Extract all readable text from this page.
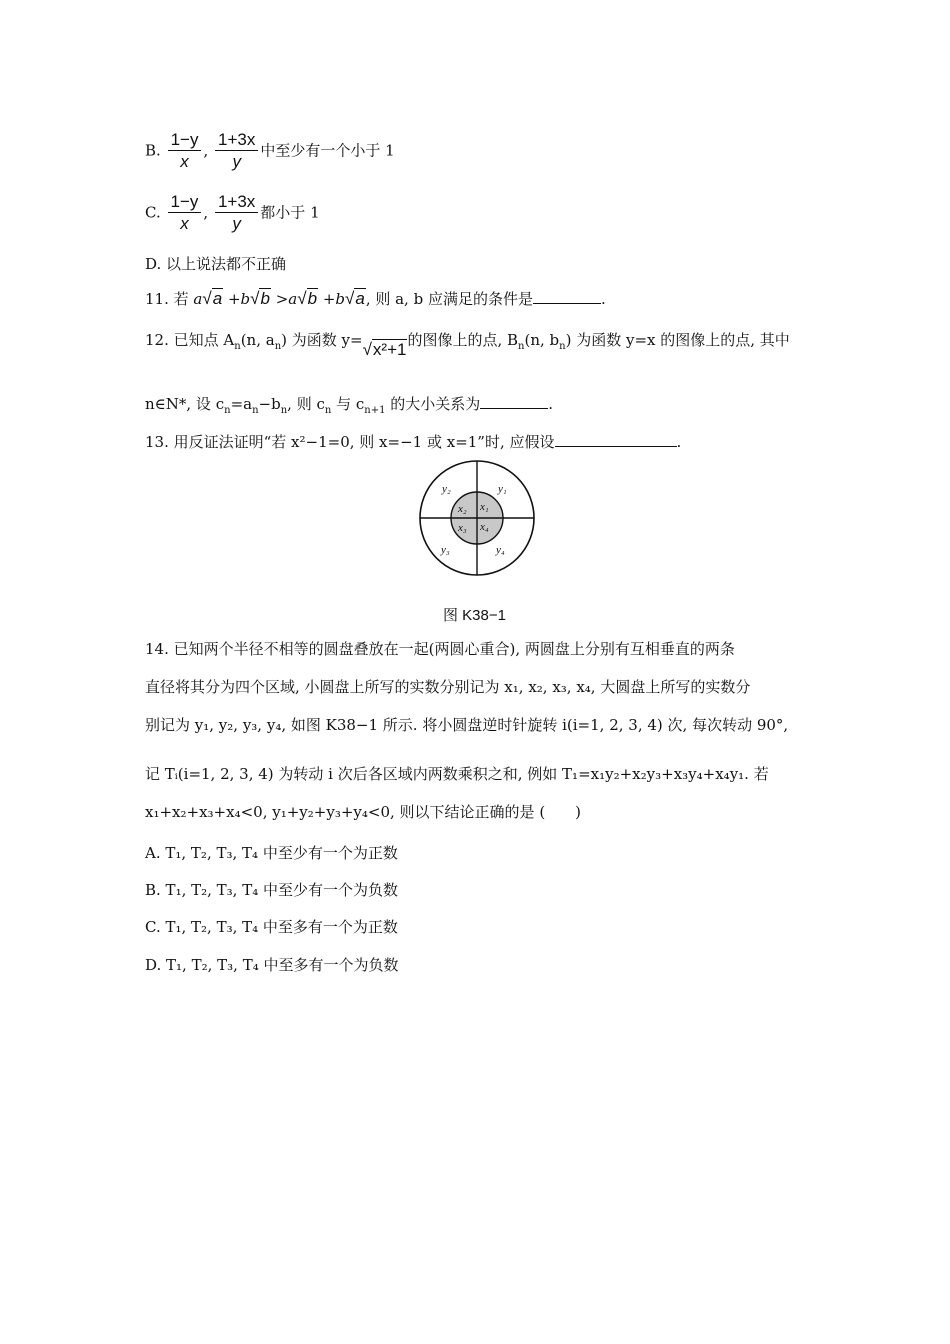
B. $\frac{1-y}{x}$ , $\frac{1+3x}{y}$ 中至少有一个小于 1
C. $\frac{1-y}{x}$ , $\frac{1+3x}{y}$ 都小于 1
D. 以上说法都不正确
11. 若 a√a +b√b >a√b +b√a, 则 a, b 应满足的条件是	.
12. 已知点 $A_n(n$, $a_n$) 为函数 y=√x²+1的图像上的点, $B_n(n$, $b_n$) 为函数 y=x 的图像上的点, 其中
n∈N*, 设 $c_n=a_n-b_n$, 则 $c_n$ 与 $c_{n+1}$ 的大小关系为	.
13. 用反证法证明“若 x²−1=0, 则 x=−1 或 x=1”时, 应假设	.
y₂	y₁
x₂ x₁
x₃ x₄
y₃	y₄
图 K38−1
14. 已知两个半径不相等的圆盘叠放在一起(两圆心重合), 两圆盘上分别有互相垂直的两条
直径将其分为四个区域, 小圆盘上所写的实数分别记为 x₁, x₂, x₃, x₄, 大圆盘上所写的实数分
别记为 y₁, y₂, y₃, y₄, 如图 K38−1 所示. 将小圆盘逆时针旋转 i(i=1, 2, 3, 4) 次, 每次转动 90°,
记 Tᵢ(i=1, 2, 3, 4) 为转动 i 次后各区域内两数乘积之和, 例如 T₁=x₁y₂+x₂y₃+x₃y₄+x₄y₁. 若
x₁+x₂+x₃+x₄<0, y₁+y₂+y₃+y₄<0, 则以下结论正确的是 (　　)
A. T₁, T₂, T₃, T₄ 中至少有一个为正数
B. T₁, T₂, T₃, T₄ 中至少有一个为负数
C. T₁, T₂, T₃, T₄ 中至多有一个为正数
D. T₁, T₂, T₃, T₄ 中至多有一个为负数
